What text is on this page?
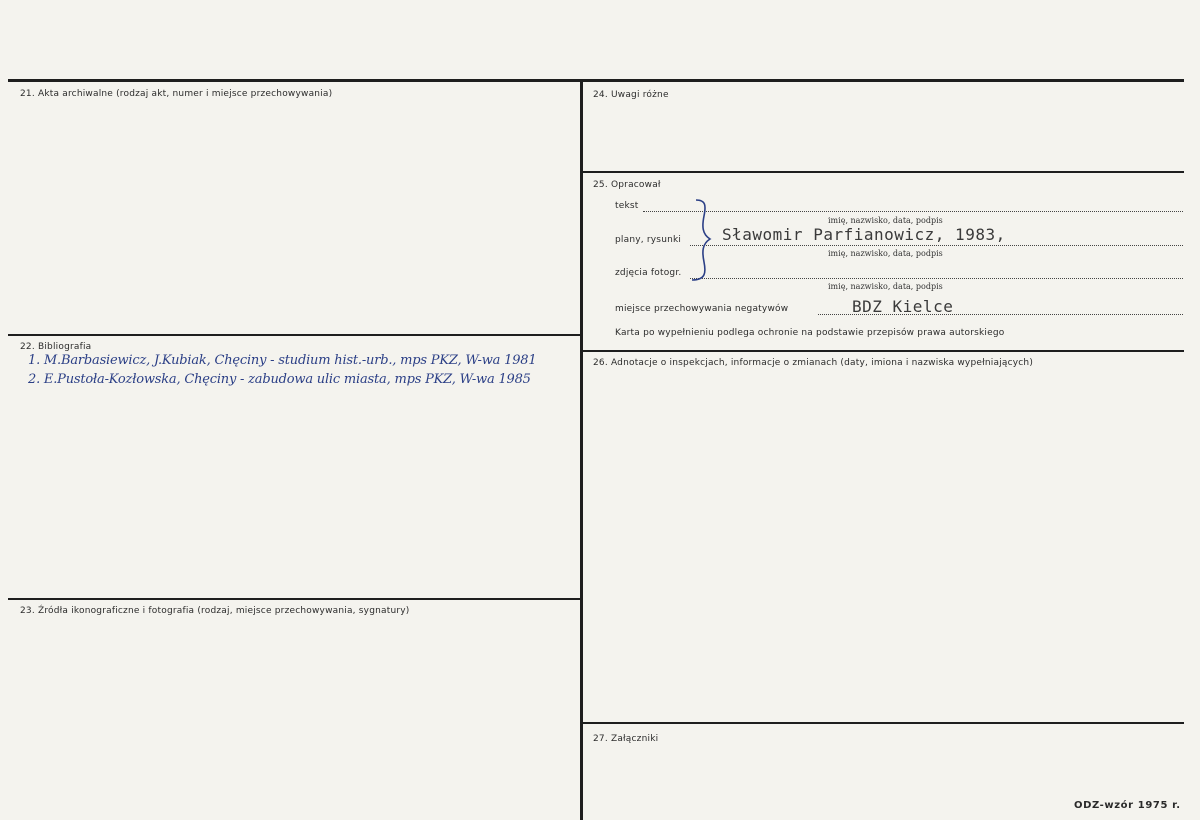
21. Akta archiwalne (rodzaj akt, numer i miejsce przechowywania)
22. Bibliografia
1. M.Barbasiewicz, J.Kubiak, Chęciny - studium hist.-urb., mps PKZ, W-wa 1981
2. E.Pustoła-Kozłowska, Chęciny - zabudowa ulic miasta, mps PKZ, W-wa 1985
23. Źródła ikonograficzne i fotografia (rodzaj, miejsce przechowywania, sygnatury)
24. Uwagi różne
25. Opracował
tekst
imię, nazwisko, data, podpis
plany, rysunki	Sławomir Parfianowicz, 1983,
imię, nazwisko, data, podpis
zdjęcia fotogr.
imię, nazwisko, data, podpis
miejsce przechowywania negatywów	BDZ Kielce
Karta po wypełnieniu podlega ochronie na podstawie przepisów prawa autorskiego
26. Adnotacje o inspekcjach, informacje o zmianach (daty, imiona i nazwiska wypełniających)
27. Załączniki
ODZ-wzór 1975 r.
